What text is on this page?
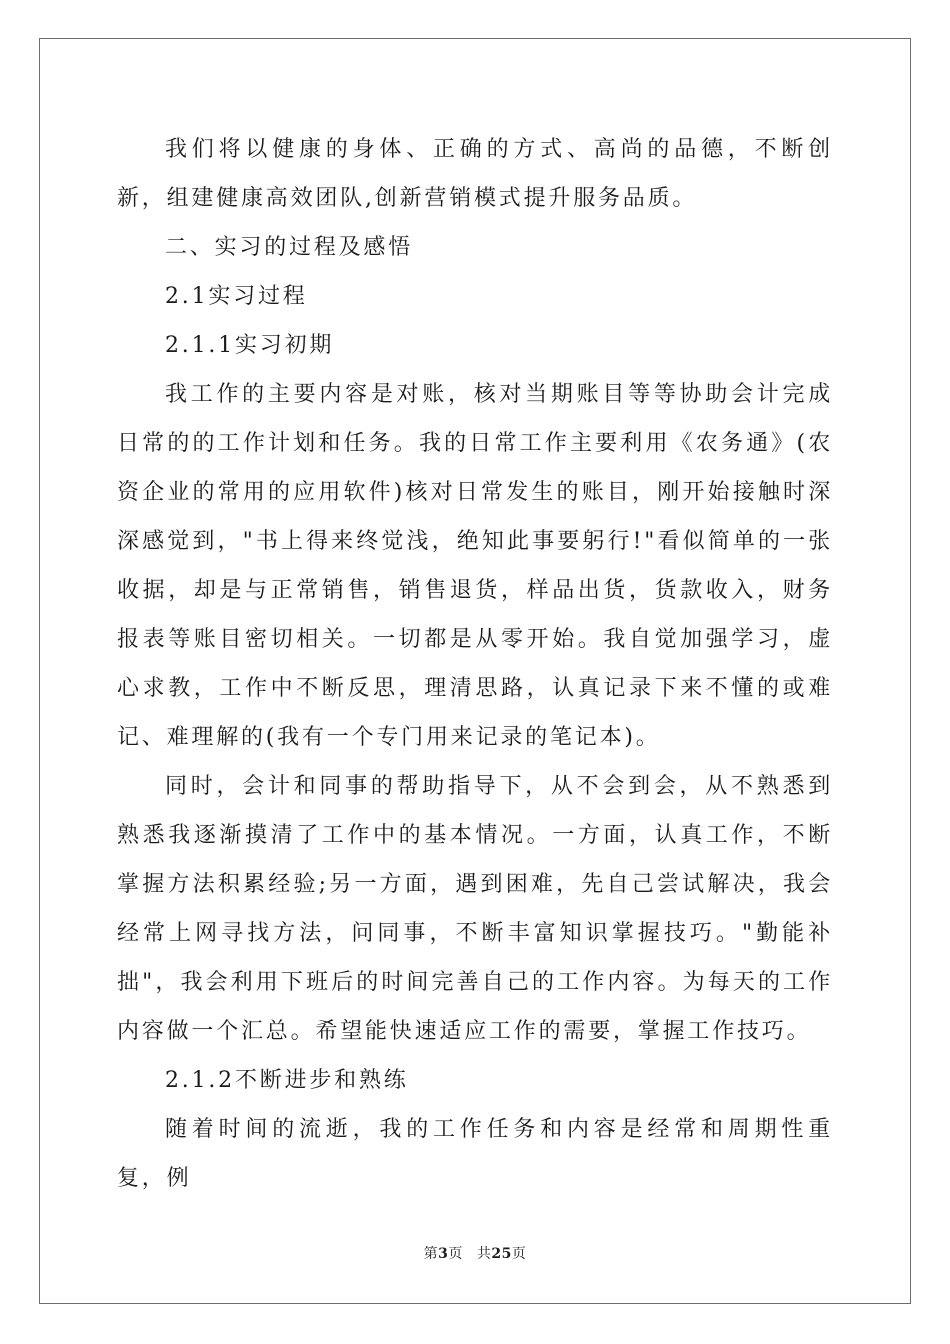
我们将以健康的身体、正确的方式、高尚的品德，不断创新，组建健康高效团队,创新营销模式提升服务品质。

二、实习的过程及感悟

2.1实习过程

2.1.1实习初期

我工作的主要内容是对账，核对当期账目等等协助会计完成日常的的工作计划和任务。我的日常工作主要利用《农务通》(农资企业的常用的应用软件)核对日常发生的账目，刚开始接触时深深感觉到，"书上得来终觉浅，绝知此事要躬行!"看似简单的一张收据，却是与正常销售，销售退货，样品出货，货款收入，财务报表等账目密切相关。一切都是从零开始。我自觉加强学习，虚心求教，工作中不断反思，理清思路，认真记录下来不懂的或难记、难理解的(我有一个专门用来记录的笔记本)。

同时，会计和同事的帮助指导下，从不会到会，从不熟悉到熟悉我逐渐摸清了工作中的基本情况。一方面，认真工作，不断掌握方法积累经验;另一方面，遇到困难，先自己尝试解决，我会经常上网寻找方法，问同事，不断丰富知识掌握技巧。"勤能补拙"，我会利用下班后的时间完善自己的工作内容。为每天的工作内容做一个汇总。希望能快速适应工作的需要，掌握工作技巧。

2.1.2不断进步和熟练

随着时间的流逝，我的工作任务和内容是经常和周期性重复，例

第3页 共25页
